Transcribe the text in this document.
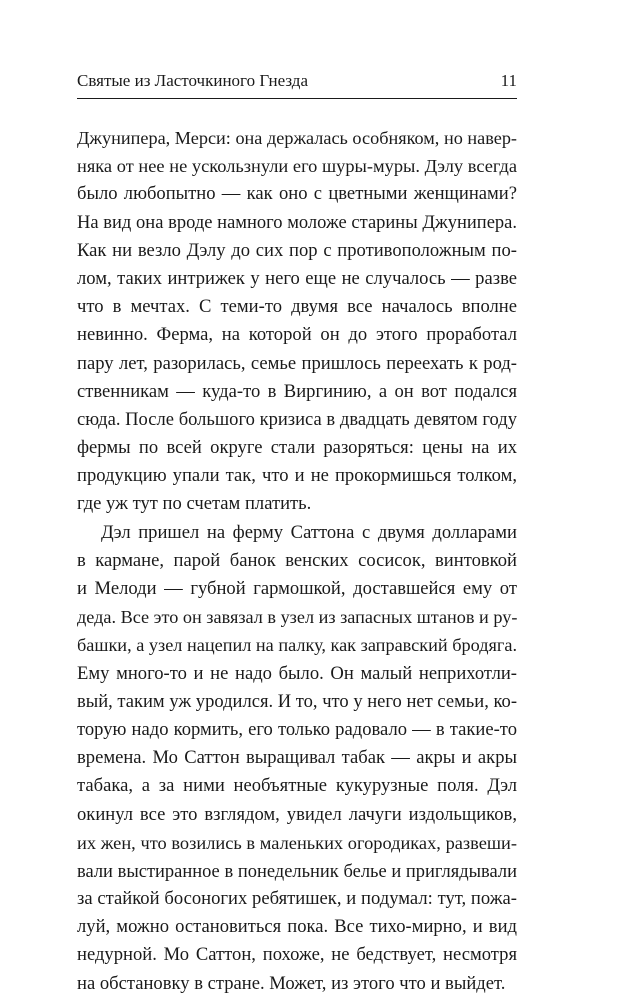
Святые из Ласточкиного Гнезда	11
Джунипера, Мерси: она держалась особняком, но навер-
няка от нее не ускользнули его шуры-муры. Дэлу всегда
было любопытно — как оно с цветными женщинами?
На вид она вроде намного моложе старины Джунипера.
Как ни везло Дэлу до сих пор с противоположным по-
лом, таких интрижек у него еще не случалось — разве
что в мечтах. С теми-то двумя все началось вполне
невинно. Ферма, на которой он до этого проработал
пару лет, разорилась, семье пришлось переехать к род-
ственникам — куда-то в Виргинию, а он вот подался
сюда. После большого кризиса в двадцать девятом году
фермы по всей округе стали разоряться: цены на их
продукцию упали так, что и не прокормишься толком,
где уж тут по счетам платить.
Дэл пришел на ферму Саттона с двумя долларами
в кармане, парой банок венских сосисок, винтовкой
и Мелоди — губной гармошкой, доставшейся ему от
деда. Все это он завязал в узел из запасных штанов и ру-
башки, а узел нацепил на палку, как заправский бродяга.
Ему много-то и не надо было. Он малый неприхотли-
вый, таким уж уродился. И то, что у него нет семьи, ко-
торую надо кормить, его только радовало — в такие-то
времена. Мо Саттон выращивал табак — акры и акры
табака, а за ними необъятные кукурузные поля. Дэл
окинул все это взглядом, увидел лачуги издольщиков,
их жен, что возились в маленьких огородиках, развеши-
вали выстиранное в понедельник белье и приглядывали
за стайкой босоногих ребятишек, и подумал: тут, пожа-
луй, можно остановиться пока. Все тихо-мирно, и вид
недурной. Мо Саттон, похоже, не бедствует, несмотря
на обстановку в стране. Может, из этого что и выйдет.
